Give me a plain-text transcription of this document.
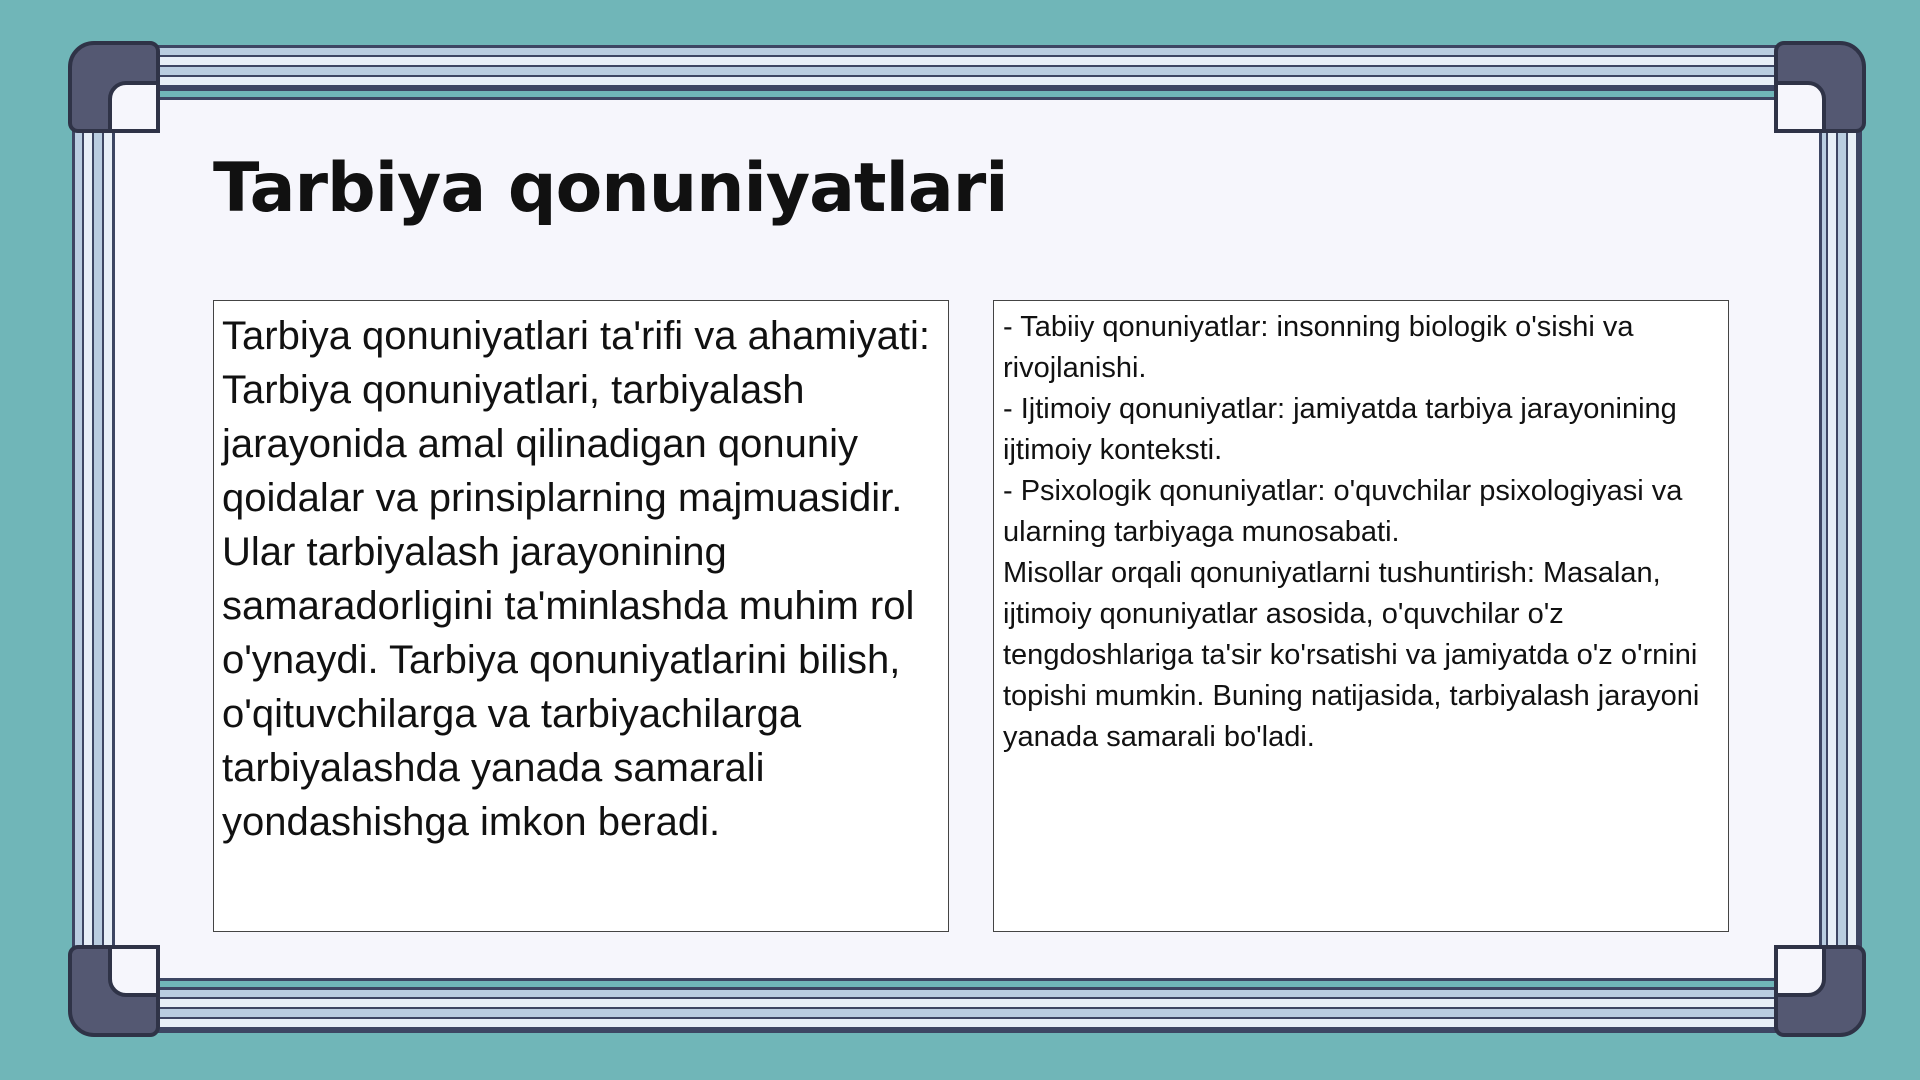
Tarbiya qonuniyatlari

Tarbiya qonuniyatlari ta'rifi va ahamiyati: Tarbiya qonuniyatlari, tarbiyalash jarayonida amal qilinadigan qonuniy qoidalar va prinsiplarning majmuasidir. Ular tarbiyalash jarayonining samaradorligini ta'minlashda muhim rol o'ynaydi. Tarbiya qonuniyatlarini bilish, o'qituvchilarga va tarbiyachilarga tarbiyalashda yanada samarali yondashishga imkon beradi.

- Tabiiy qonuniyatlar: insonning biologik o'sishi va rivojlanishi.

- Ijtimoiy qonuniyatlar: jamiyatda tarbiya jarayonining ijtimoiy konteksti.

- Psixologik qonuniyatlar: o'quvchilar psixologiyasi va ularning tarbiyaga munosabati.

Misollar orqali qonuniyatlarni tushuntirish: Masalan, ijtimoiy qonuniyatlar asosida, o'quvchilar o'z tengdoshlariga ta'sir ko'rsatishi va jamiyatda o'z o'rnini topishi mumkin. Buning natijasida, tarbiyalash jarayoni yanada samarali bo'ladi.
